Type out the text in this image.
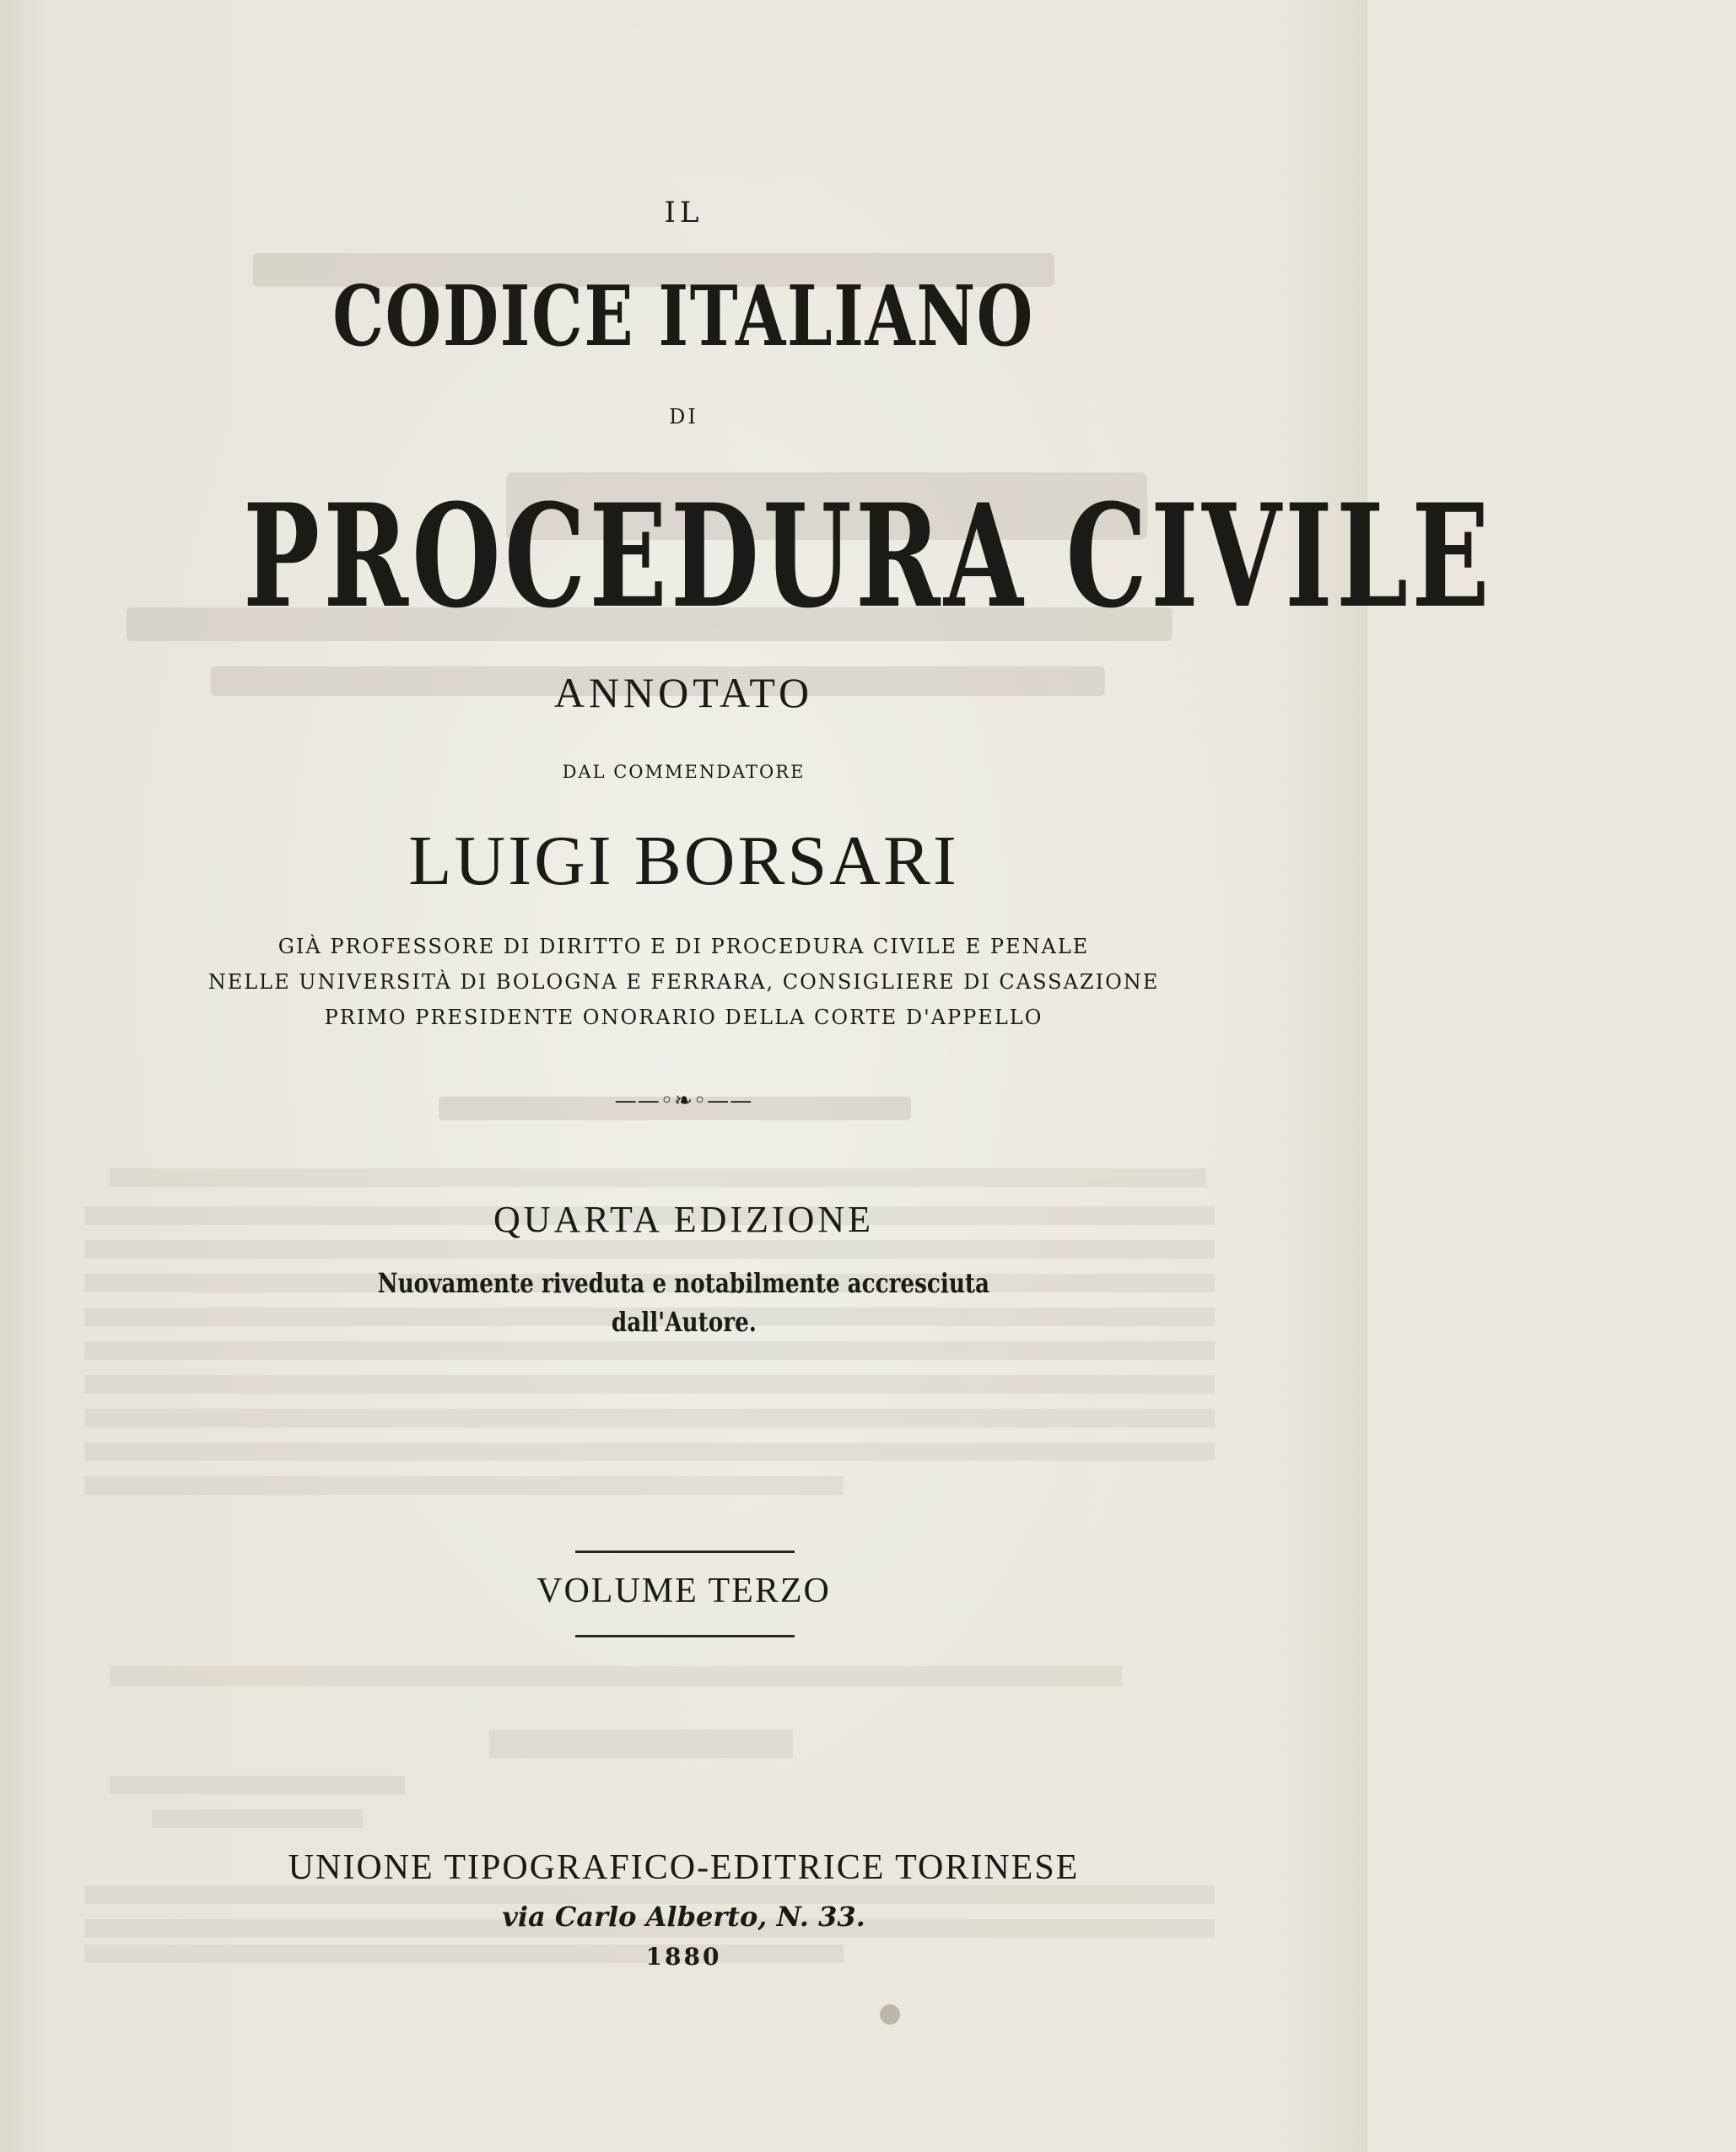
IL
CODICE ITALIANO
DI
PROCEDURA CIVILE
ANNOTATO
DAL COMMENDATORE
LUIGI BORSARI
GIÀ PROFESSORE DI DIRITTO E DI PROCEDURA CIVILE E PENALE
NELLE UNIVERSITÀ DI BOLOGNA E FERRARA, CONSIGLIERE DI CASSAZIONE
PRIMO PRESIDENTE ONORARIO DELLA CORTE D'APPELLO
——◦❧◦——
QUARTA EDIZIONE
Nuovamente riveduta e notabilmente accresciuta
dall'Autore.
VOLUME TERZO
UNIONE TIPOGRAFICO-EDITRICE TORINESE
via Carlo Alberto, N. 33.
1880
